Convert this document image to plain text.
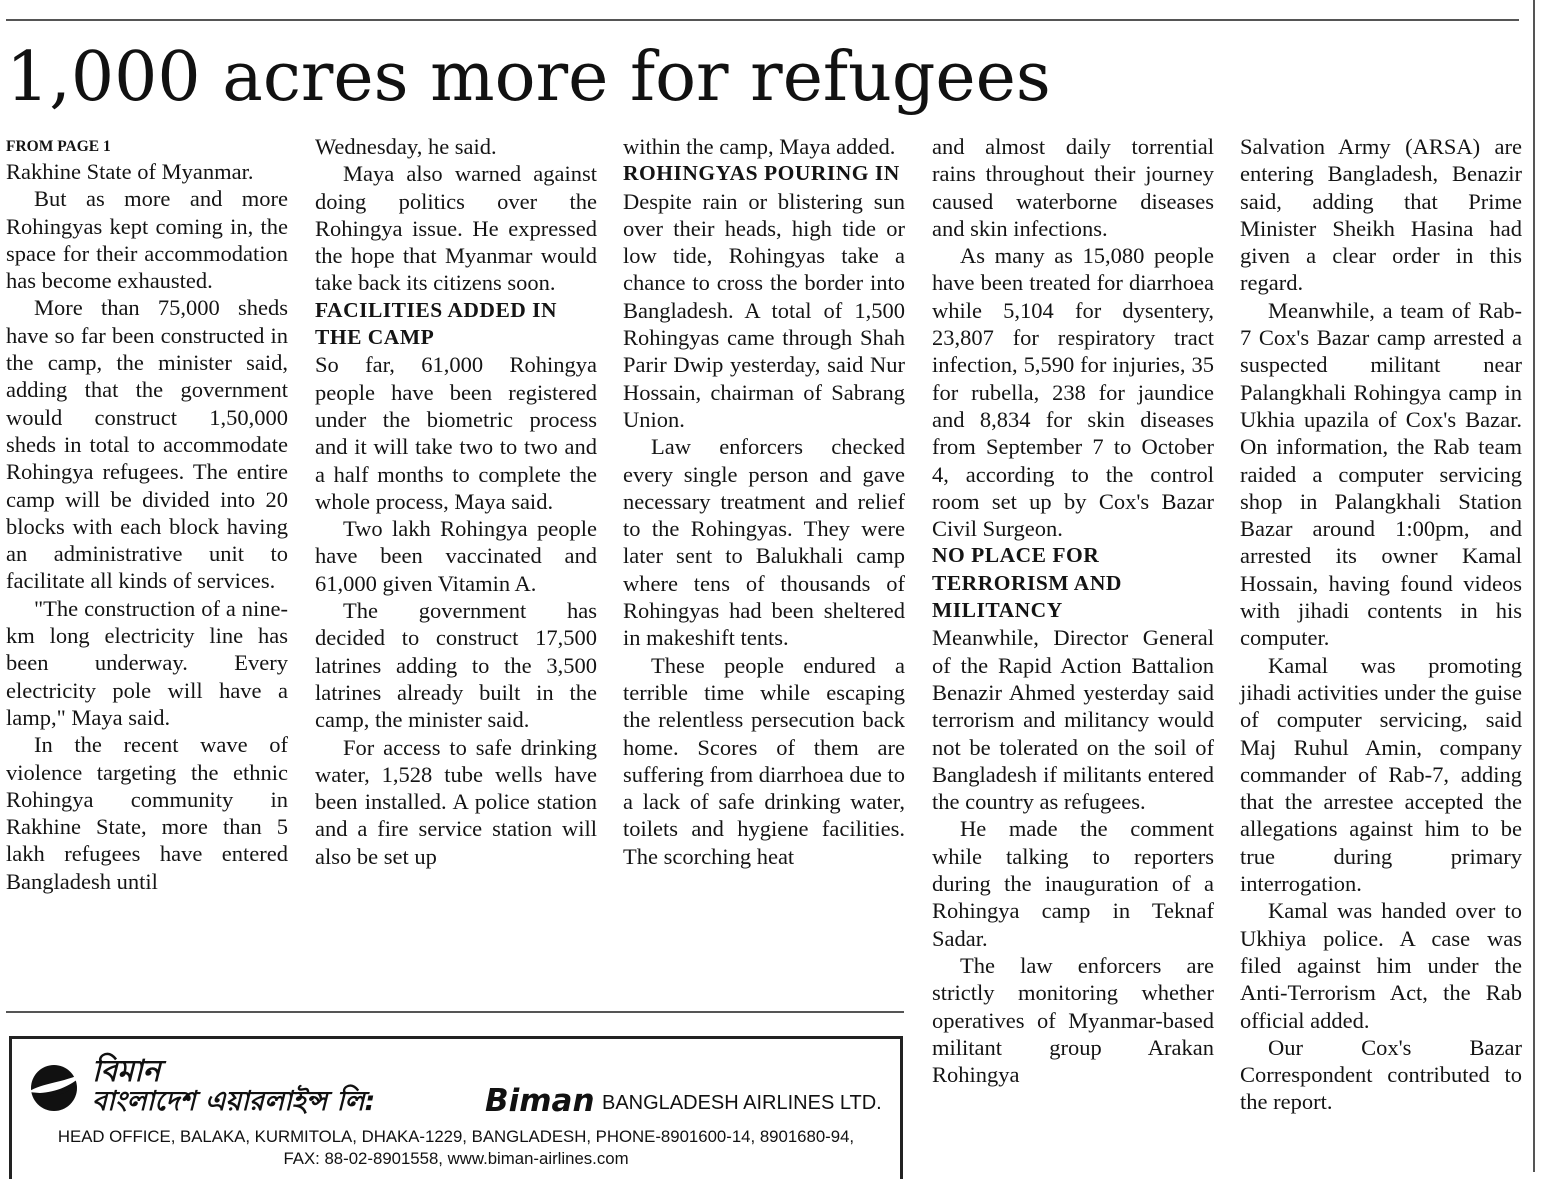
1,000 acres more for refugees

FROM PAGE 1

Rakhine State of Myanmar.

But as more and more Rohingyas kept coming in, the space for their accommodation has become exhausted.

More than 75,000 sheds have so far been constructed in the camp, the minister said, adding that the government would construct 1,50,000 sheds in total to accommodate Rohingya refugees. The entire camp will be divided into 20 blocks with each block having an administrative unit to facilitate all kinds of services.

"The construction of a nine-km long electricity line has been underway. Every electricity pole will have a lamp," Maya said.

In the recent wave of violence targeting the ethnic Rohingya community in Rakhine State, more than 5 lakh refugees have entered Bangladesh until

Wednesday, he said.

Maya also warned against doing politics over the Rohingya issue. He expressed the hope that Myanmar would take back its citizens soon.

FACILITIES ADDED IN THE CAMP

So far, 61,000 Rohingya people have been registered under the biometric process and it will take two to two and a half months to complete the whole process, Maya said.

Two lakh Rohingya people have been vaccinated and 61,000 given Vitamin A.

The government has decided to construct 17,500 latrines adding to the 3,500 latrines already built in the camp, the minister said.

For access to safe drinking water, 1,528 tube wells have been installed. A police station and a fire service station will also be set up

within the camp, Maya added.

ROHINGYAS POURING IN

Despite rain or blistering sun over their heads, high tide or low tide, Rohingyas take a chance to cross the border into Bangladesh. A total of 1,500 Rohingyas came through Shah Parir Dwip yesterday, said Nur Hossain, chairman of Sabrang Union.

Law enforcers checked every single person and gave necessary treatment and relief to the Rohingyas. They were later sent to Balukhali camp where tens of thousands of Rohingyas had been sheltered in makeshift tents.

These people endured a terrible time while escaping the relentless persecution back home. Scores of them are suffering from diarrhoea due to a lack of safe drinking water, toilets and hygiene facilities. The scorching heat

and almost daily torrential rains throughout their journey caused waterborne diseases and skin infections.

As many as 15,080 people have been treated for diarrhoea while 5,104 for dysentery, 23,807 for respiratory tract infection, 5,590 for injuries, 35 for rubella, 238 for jaundice and 8,834 for skin diseases from September 7 to October 4, according to the control room set up by Cox's Bazar Civil Surgeon.

NO PLACE FOR TERRORISM AND MILITANCY

Meanwhile, Director General of the Rapid Action Battalion Benazir Ahmed yesterday said terrorism and militancy would not be tolerated on the soil of Bangladesh if militants entered the country as refugees.

He made the comment while talking to reporters during the inauguration of a Rohingya camp in Teknaf Sadar.

The law enforcers are strictly monitoring whether operatives of Myanmar-based militant group Arakan Rohingya

Salvation Army (ARSA) are entering Bangladesh, Benazir said, adding that Prime Minister Sheikh Hasina had given a clear order in this regard.

Meanwhile, a team of Rab-7 Cox's Bazar camp arrested a suspected militant near Palangkhali Rohingya camp in Ukhia upazila of Cox's Bazar. On information, the Rab team raided a computer servicing shop in Palangkhali Station Bazar around 1:00pm, and arrested its owner Kamal Hossain, having found videos with jihadi contents in his computer.

Kamal was promoting jihadi activities under the guise of computer servicing, said Maj Ruhul Amin, company commander of Rab-7, adding that the arrestee accepted the allegations against him to be true during primary interrogation.

Kamal was handed over to Ukhiya police. A case was filed against him under the Anti-Terrorism Act, the Rab official added.

Our Cox's Bazar Correspondent contributed to the report.

বিমান
বাংলাদেশ এয়ারলাইন্স লি:	Biman BANGLADESH AIRLINES LTD.
HEAD OFFICE, BALAKA, KURMITOLA, DHAKA-1229, BANGLADESH, PHONE-8901600-14, 8901680-94,
FAX: 88-02-8901558, www.biman-airlines.com
